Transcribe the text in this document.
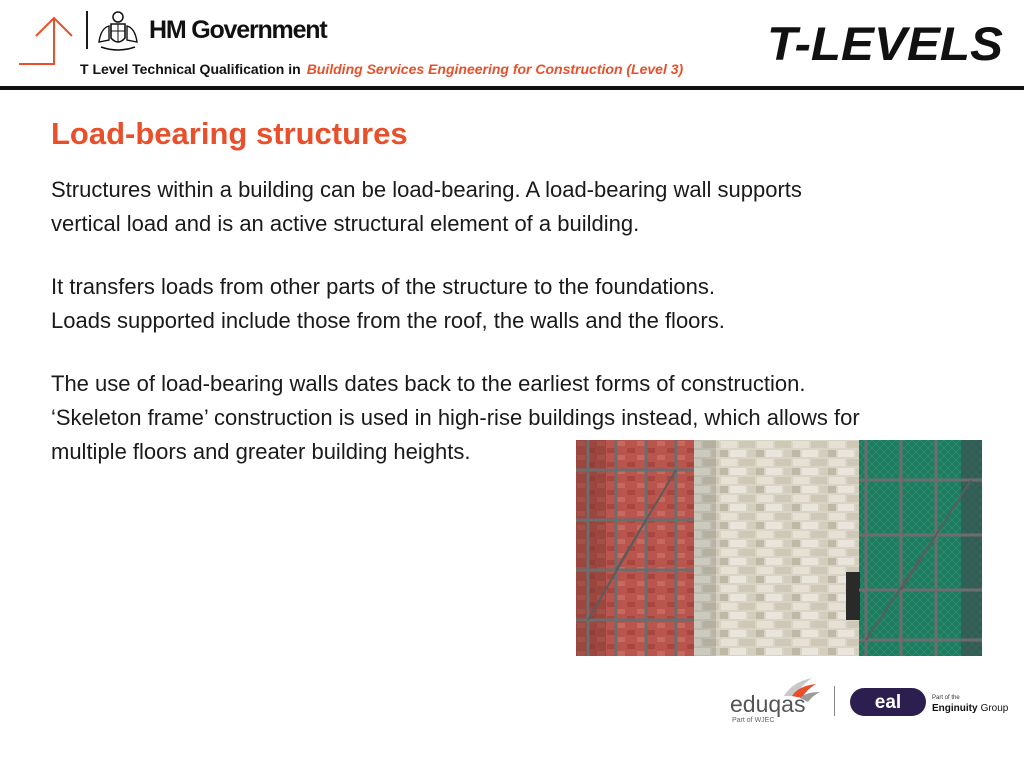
HM Government
T Level Technical Qualification in Building Services Engineering for Construction (Level 3) T-LEVELS
Load-bearing structures
Structures within a building can be load-bearing. A load-bearing wall supports
vertical load and is an active structural element of a building.
It transfers loads from other parts of the structure to the foundations.
Loads supported include those from the roof, the walls and the floors.
The use of load-bearing walls dates back to the earliest forms of construction.
‘Skeleton frame’ construction is used in high-rise buildings instead, which allows for
multiple floors and greater building heights.
eduqas
Part of WJEC
eal	Part of the
Enginuity Group
